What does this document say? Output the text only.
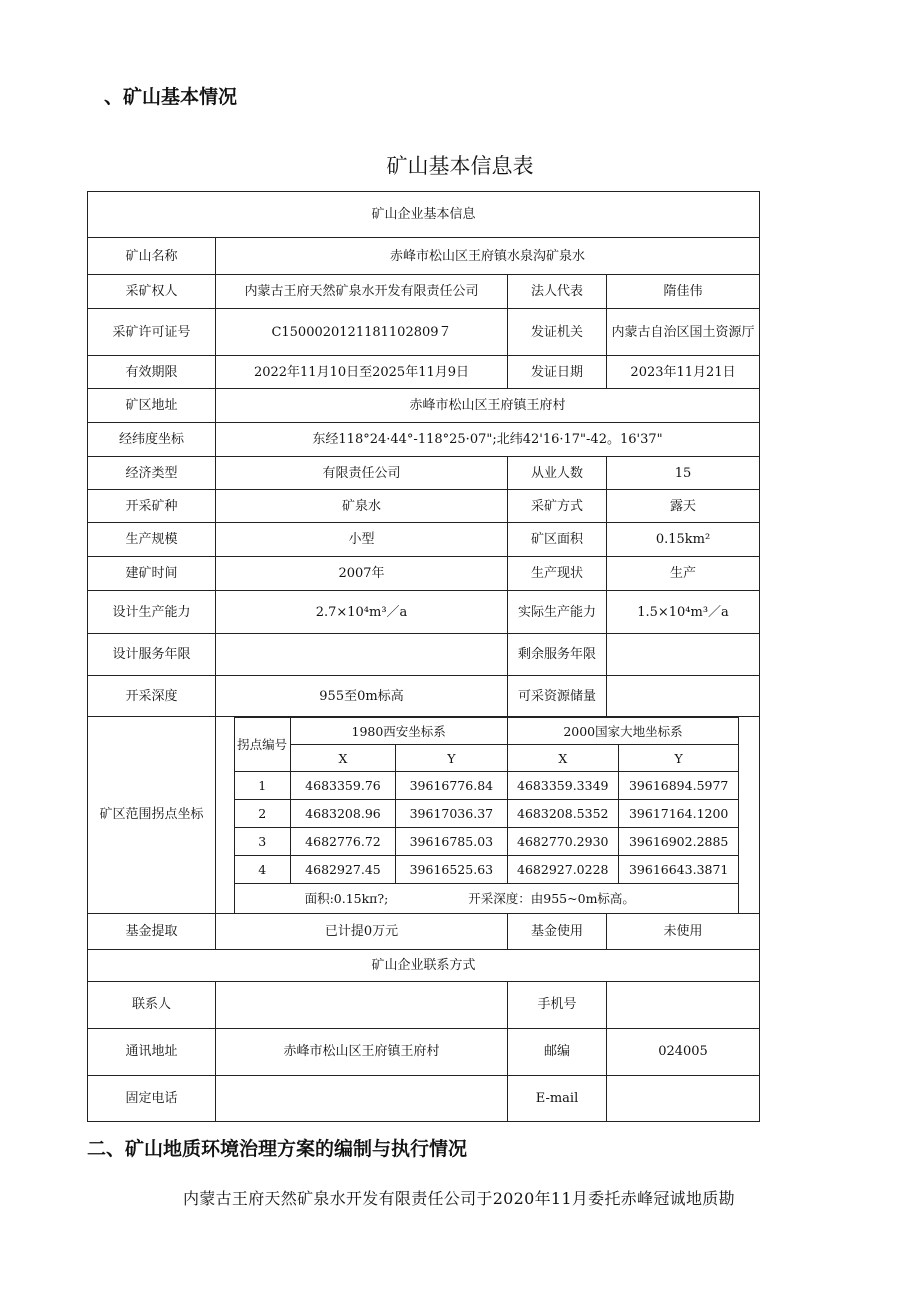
、矿山基本情况
矿山基本信息表
矿山企业基本信息
矿山名称	赤峰市松山区王府镇水泉沟矿泉水
采矿权人	内蒙古王府天然矿泉水开发有限责任公司	法人代表	隋佳伟
采矿许可证号	C1500020121181102809７	发证机关	内蒙古自治区国土资源厅
有效期限	2022年11月10日至2025年11月9日	发证日期	2023年11月21日
矿区地址	赤峰市松山区王府镇王府村
经纬度坐标	东经118°24·44°-118°25·07";北纬42'16·17"-42。16'37"
经济类型	有限责任公司	从业人数	15
开采矿种	矿泉水	采矿方式	露天
生产规模	小型	矿区面积	0.15km²
建矿时间	2007年	生产现状	生产
设计生产能力	2.7×10⁴m³／a	实际生产能力	1.5×10⁴m³／a
设计服务年限		剩余服务年限	
开采深度	955至0m标高	可采资源储量	
矿区范围拐点坐标	
	拐点编号	1980西安坐标系	2000国家大地坐标系	
X	Y	X	Y
1	4683359.76	39616776.84	4683359.3349	39616894.5977
2	4683208.96	39617036.37	4683208.5352	39617164.1200
3	4682776.72	39616785.03	4682770.2930	39616902.2885
4	4682927.45	39616525.63	4682927.0228	39616643.3871
面积:0.15kπ?;	开采深度：由955~0m标高。

基金提取	已计提0万元	基金使用	未使用
矿山企业联系方式
联系人		手机号	
通讯地址	赤峰市松山区王府镇王府村	邮编	024005
固定电话		E-mail	
二、矿山地质环境治理方案的编制与执行情况
内蒙古王府天然矿泉水开发有限责任公司于2020年11月委托赤峰冠诚地质勘
